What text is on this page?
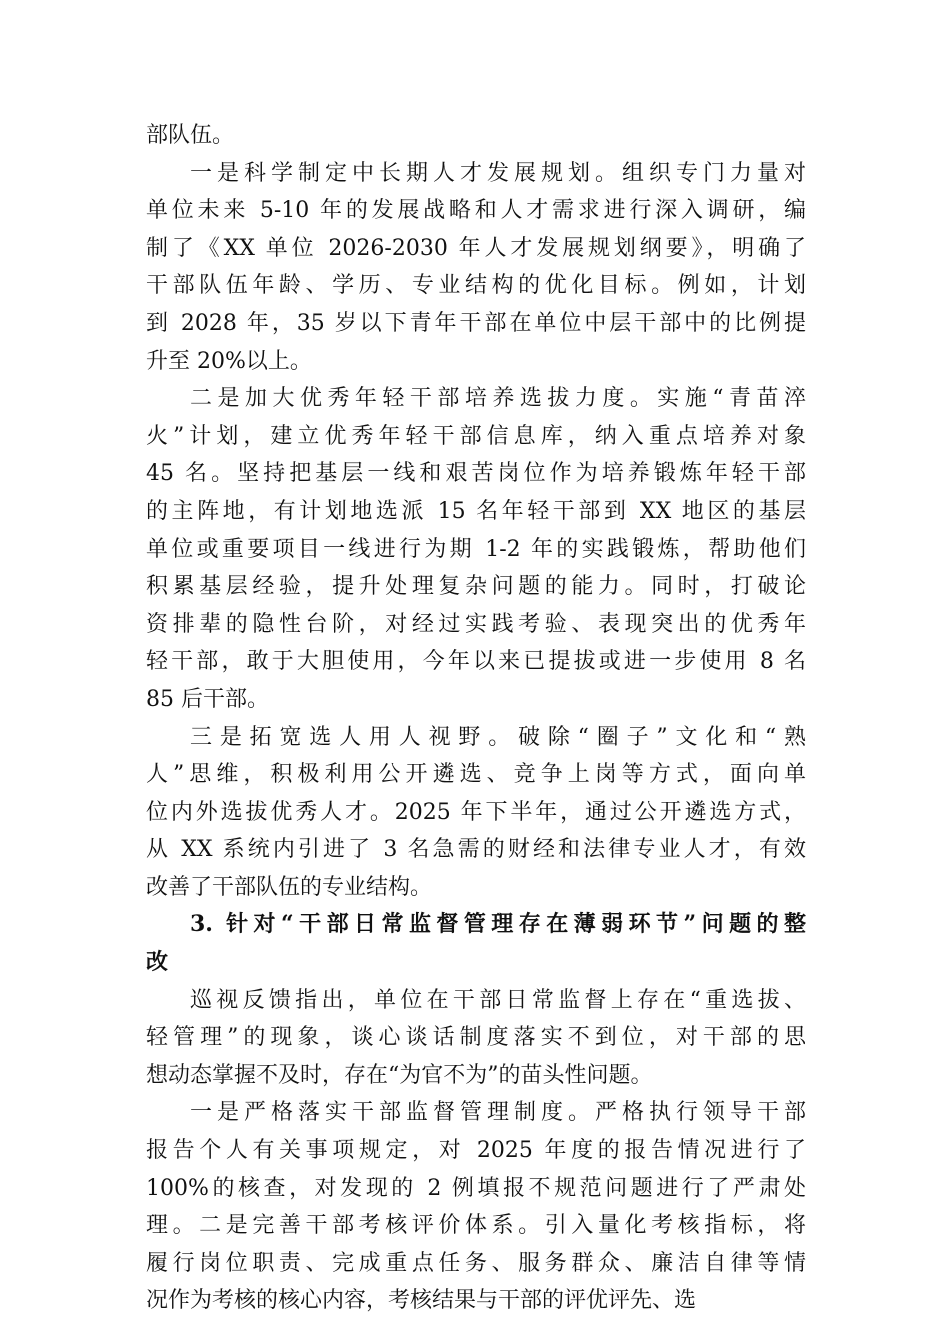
部队伍。
一是科学制定中长期人才发展规划。组织专门力量对
单位未来 5-10 年的发展战略和人才需求进行深入调研，编
制了《XX 单位 2026-2030 年人才发展规划纲要》，明确了
干部队伍年龄、学历、专业结构的优化目标。例如，计划
到 2028 年，35 岁以下青年干部在单位中层干部中的比例提
升至 20%以上。
二是加大优秀年轻干部培养选拔力度。实施“青苗淬
火”计划，建立优秀年轻干部信息库，纳入重点培养对象
45 名。坚持把基层一线和艰苦岗位作为培养锻炼年轻干部
的主阵地，有计划地选派 15 名年轻干部到 XX 地区的基层
单位或重要项目一线进行为期 1-2 年的实践锻炼，帮助他们
积累基层经验，提升处理复杂问题的能力。同时，打破论
资排辈的隐性台阶，对经过实践考验、表现突出的优秀年
轻干部，敢于大胆使用，今年以来已提拔或进一步使用 8 名
85 后干部。
三是拓宽选人用人视野。破除“圈子”文化和“熟
人”思维，积极利用公开遴选、竞争上岗等方式，面向单
位内外选拔优秀人才。2025 年下半年，通过公开遴选方式，
从 XX 系统内引进了 3 名急需的财经和法律专业人才，有效
改善了干部队伍的专业结构。
3. 针对“干部日常监督管理存在薄弱环节”问题的整
改
巡视反馈指出，单位在干部日常监督上存在“重选拔、
轻管理”的现象，谈心谈话制度落实不到位，对干部的思
想动态掌握不及时，存在“为官不为”的苗头性问题。
一是严格落实干部监督管理制度。严格执行领导干部
报告个人有关事项规定，对 2025 年度的报告情况进行了
100%的核查，对发现的 2 例填报不规范问题进行了严肃处
理。二是完善干部考核评价体系。引入量化考核指标，将
履行岗位职责、完成重点任务、服务群众、廉洁自律等情
况作为考核的核心内容，考核结果与干部的评优评先、选
